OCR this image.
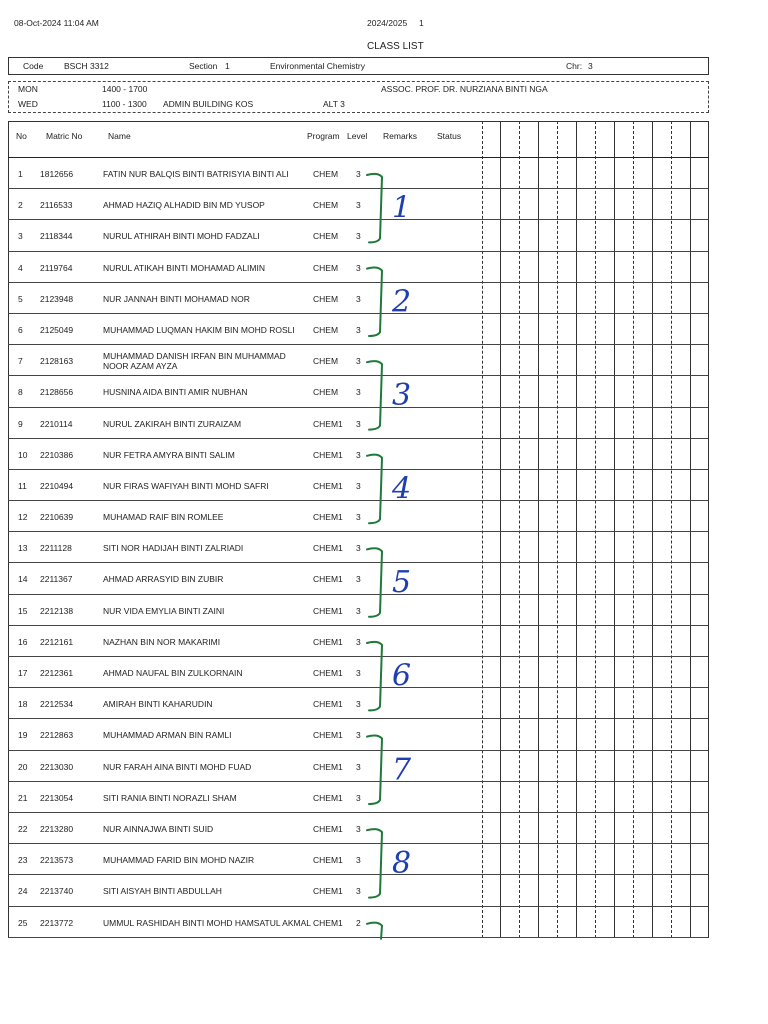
08-Oct-2024 11:04 AM	2024/2025 1
CLASS LIST
Code BSCH 3312	Section 1	Environmental Chemistry	Chr: 3
MON	1400 - 1700	ASSOC. PROF. DR. NURZIANA BINTI NGA
WED	1100 - 1300 ADMIN BUILDING KOS	ALT 3
No Matric No	Name	Program Level Remarks Status
1 1812656	FATIN NUR BALQIS BINTI BATRISYIA BINTI ALI	CHEM 3
2 2116533	AHMAD HAZIQ ALHADID BIN MD YUSOP	CHEM 3
3 2118344	NURUL ATHIRAH BINTI MOHD FADZALI	CHEM 3
4 2119764	NURUL ATIKAH BINTI MOHAMAD ALIMIN	CHEM 3
5 2123948	NUR JANNAH BINTI MOHAMAD NOR	CHEM 3
6 2125049	MUHAMMAD LUQMAN HAKIM BIN MOHD ROSLI CHEM 3
7 2128163	MUHAMMAD DANISH IRFAN BIN MUHAMMAD NOOR AZAM AYZA	CHEM 3
8 2128656	HUSNINA AIDA BINTI AMIR NUBHAN	CHEM 3
9 2210114	NURUL ZAKIRAH BINTI ZURAIZAM	CHEM1 3
10 2210386	NUR FETRA AMYRA BINTI SALIM	CHEM1 3
11 2210494	NUR FIRAS WAFIYAH BINTI MOHD SAFRI	CHEM1 3
12 2210639	MUHAMAD RAIF BIN ROMLEE	CHEM1 3
13 2211128	SITI NOR HADIJAH BINTI ZALRIADI	CHEM1 3
14 2211367	AHMAD ARRASYID BIN ZUBIR	CHEM1 3
15 2212138	NUR VIDA EMYLIA BINTI ZAINI	CHEM1 3
16 2212161	NAZHAN BIN NOR MAKARIMI	CHEM1 3
17 2212361	AHMAD NAUFAL BIN ZULKORNAIN	CHEM1 3
18 2212534	AMIRAH BINTI KAHARUDIN	CHEM1 3
19 2212863	MUHAMMAD ARMAN BIN RAMLI	CHEM1 3
20 2213030	NUR FARAH AINA BINTI MOHD FUAD	CHEM1 3
21 2213054	SITI RANIA BINTI NORAZLI SHAM	CHEM1 3
22 2213280	NUR AINNAJWA BINTI SUID	CHEM1 3
23 2213573	MUHAMMAD FARID BIN MOHD NAZIR	CHEM1 3
24 2213740	SITI AISYAH BINTI ABDULLAH	CHEM1 3
25 2213772	UMMUL RASHIDAH BINTI MOHD HAMSATUL AKMAL CHEM1 2
1
2
3
4
5
6
7
8
